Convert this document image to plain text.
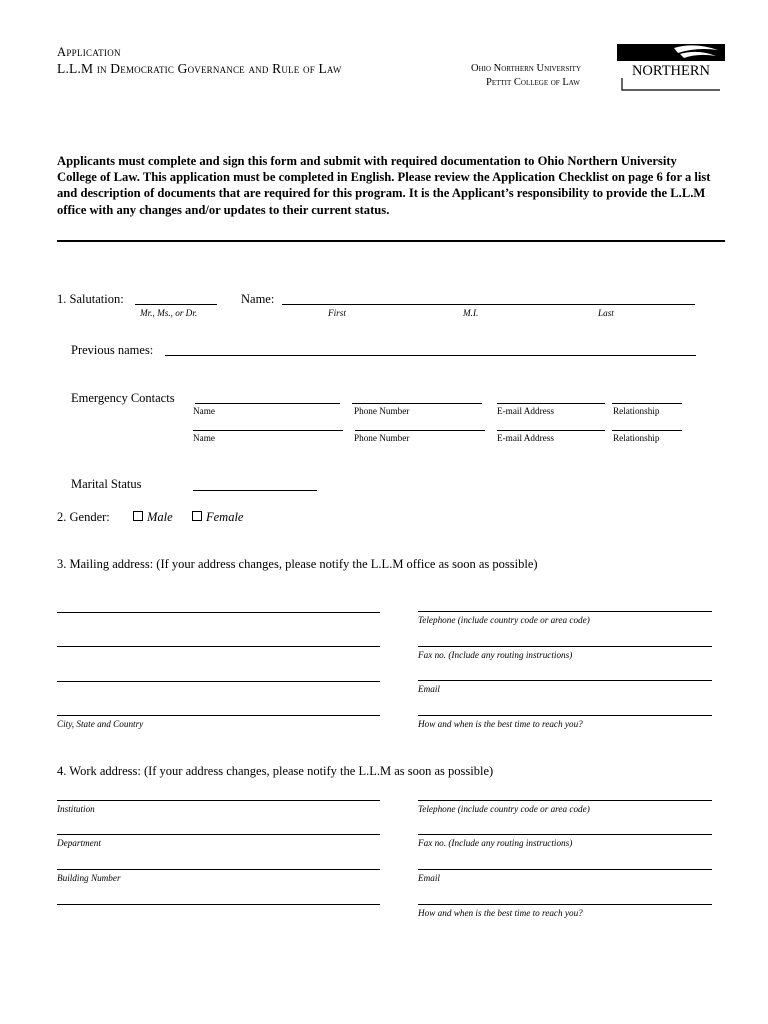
Application
L.L.M in Democratic Governance and Rule of Law	Ohio Northern University
Pettit College of Law
NORTHERN
Applicants must complete and sign this form and submit with required documentation to Ohio Northern University College of Law. This application must be completed in English. Please review the Application Checklist on page 6 for a list and description of documents that are required for this program. It is the Applicant’s responsibility to provide the L.L.M office with any changes and/or updates to their current status.
1. Salutation:
Mr., Ms., or Dr.
Name:
First	M.I.	Last
Previous names:
Emergency Contacts
Name	Phone Number	E-mail Address	Relationship
Name	Phone Number	E-mail Address	Relationship
Marital Status
2. Gender:	Male	Female
3. Mailing address: (If your address changes, please notify the L.L.M office as soon as possible)
City, State and Country
Telephone (include country code or area code)
Fax no. (Include any routing instructions)
Email
How and when is the best time to reach you?
4. Work address: (If your address changes, please notify the L.L.M as soon as possible)
Institution
Department
Building Number
Telephone (include country code or area code)
Fax no. (Include any routing instructions)
Email
How and when is the best time to reach you?
